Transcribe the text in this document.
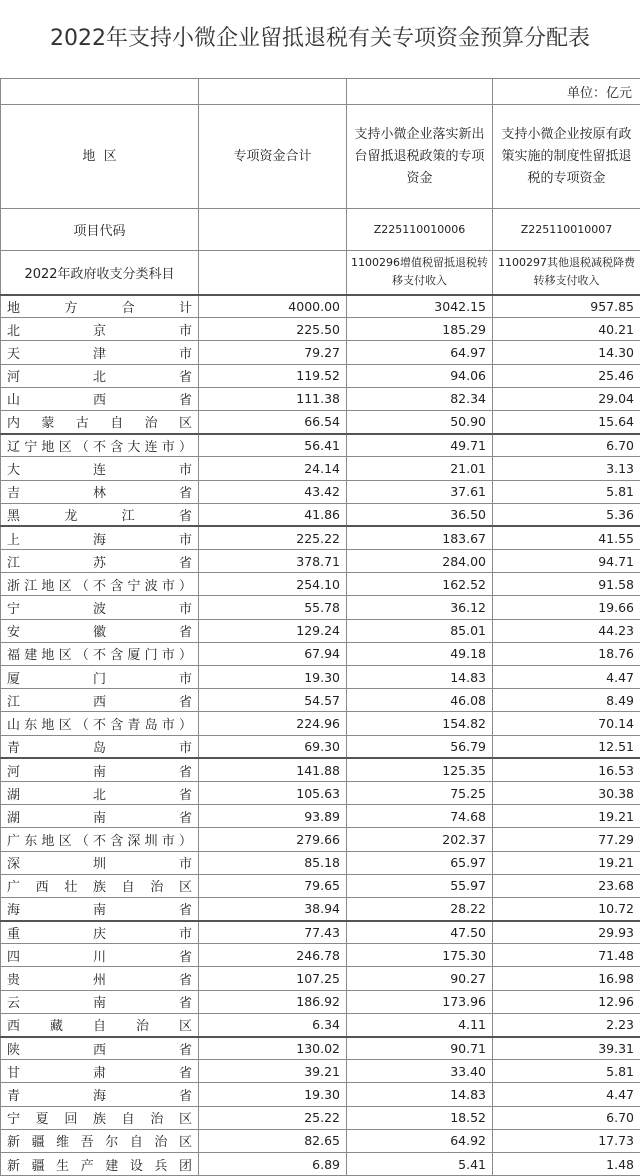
2022年支持小微企业留抵退税有关专项资金预算分配表
			单位：亿元
地  区	专项资金合计	支持小微企业落实新出台留抵退税政策的专项资金	支持小微企业按原有政策实施的制度性留抵退税的专项资金
项目代码		Z225110010006	Z225110010007
2022年政府收支分类科目		1100296增值税留抵退税转移支付收入	1100297其他退税减税降费转移支付收入
地方合计	4000.00	3042.15	957.85
北京市	225.50	185.29	40.21
天津市	79.27	64.97	14.30
河北省	119.52	94.06	25.46
山西省	111.38	82.34	29.04
内蒙古自治区	66.54	50.90	15.64
辽宁地区（不含大连市）	56.41	49.71	6.70
大连市	24.14	21.01	3.13
吉林省	43.42	37.61	5.81
黑龙江省	41.86	36.50	5.36
上海市	225.22	183.67	41.55
江苏省	378.71	284.00	94.71
浙江地区（不含宁波市）	254.10	162.52	91.58
宁波市	55.78	36.12	19.66
安徽省	129.24	85.01	44.23
福建地区（不含厦门市）	67.94	49.18	18.76
厦门市	19.30	14.83	4.47
江西省	54.57	46.08	8.49
山东地区（不含青岛市）	224.96	154.82	70.14
青岛市	69.30	56.79	12.51
河南省	141.88	125.35	16.53
湖北省	105.63	75.25	30.38
湖南省	93.89	74.68	19.21
广东地区（不含深圳市）	279.66	202.37	77.29
深圳市	85.18	65.97	19.21
广西壮族自治区	79.65	55.97	23.68
海南省	38.94	28.22	10.72
重庆市	77.43	47.50	29.93
四川省	246.78	175.30	71.48
贵州省	107.25	90.27	16.98
云南省	186.92	173.96	12.96
西藏自治区	6.34	4.11	2.23
陕西省	130.02	90.71	39.31
甘肃省	39.21	33.40	5.81
青海省	19.30	14.83	4.47
宁夏回族自治区	25.22	18.52	6.70
新疆维吾尔自治区	82.65	64.92	17.73
新疆生产建设兵团	6.89	5.41	1.48
